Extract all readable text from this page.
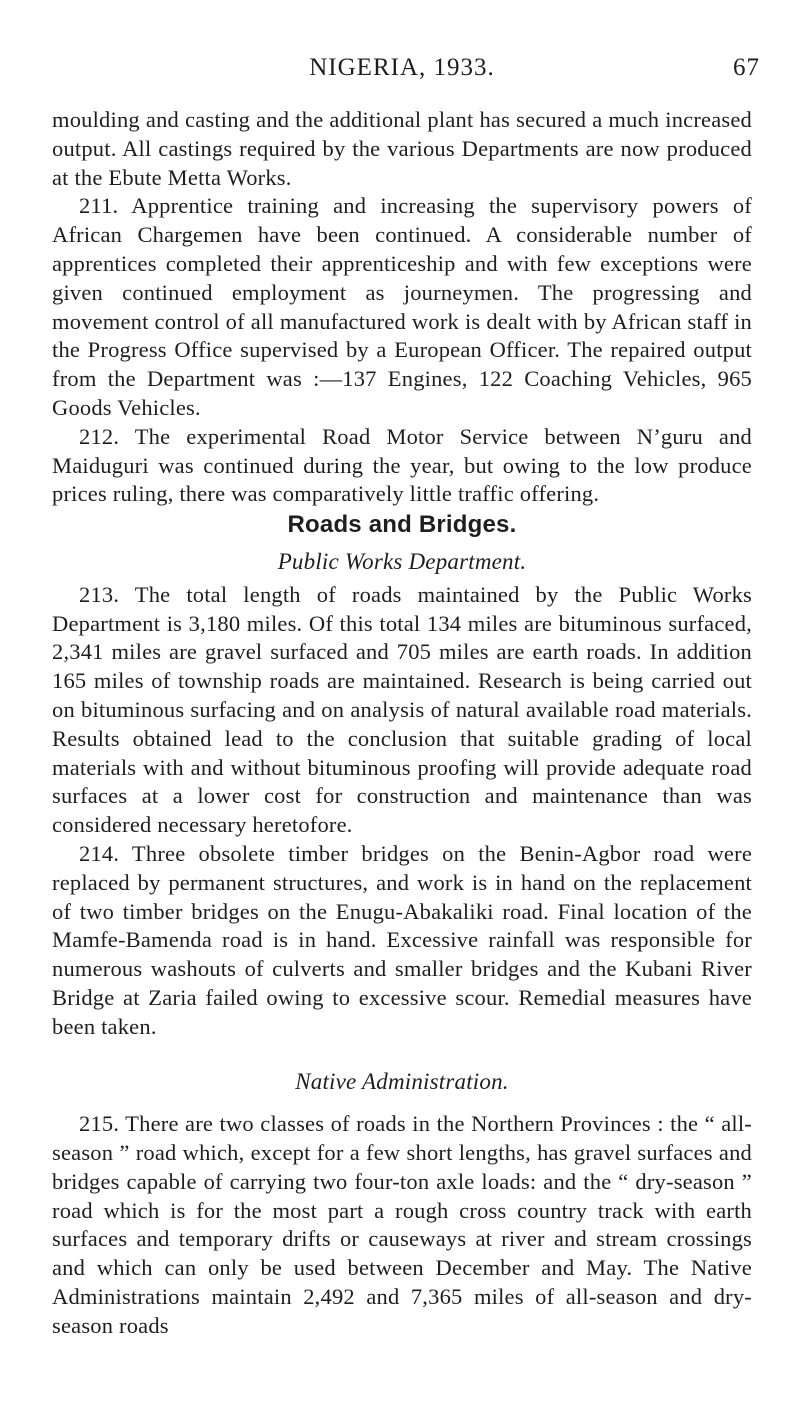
NIGERIA, 1933.	67

moulding and casting and the additional plant has secured a much increased output. All castings required by the various Departments are now produced at the Ebute Metta Works.

211. Apprentice training and increasing the supervisory powers of African Chargemen have been continued. A considerable number of apprentices completed their apprenticeship and with few exceptions were given continued employment as journeymen. The progressing and movement control of all manufactured work is dealt with by African staff in the Progress Office supervised by a European Officer. The repaired output from the Department was :—137 Engines, 122 Coaching Vehicles, 965 Goods Vehicles.

212. The experimental Road Motor Service between N’guru and Maiduguri was continued during the year, but owing to the low produce prices ruling, there was comparatively little traffic offering.

Roads and Bridges.
Public Works Department.

213. The total length of roads maintained by the Public Works Department is 3,180 miles. Of this total 134 miles are bituminous surfaced, 2,341 miles are gravel surfaced and 705 miles are earth roads. In addition 165 miles of township roads are maintained. Research is being carried out on bituminous surfacing and on analysis of natural available road materials. Results obtained lead to the conclusion that suitable grading of local materials with and without bituminous proofing will provide adequate road surfaces at a lower cost for construction and maintenance than was considered necessary heretofore.

214. Three obsolete timber bridges on the Benin-Agbor road were replaced by permanent structures, and work is in hand on the replacement of two timber bridges on the Enugu-Abakaliki road. Final location of the Mamfe-Bamenda road is in hand. Excessive rainfall was responsible for numerous washouts of culverts and smaller bridges and the Kubani River Bridge at Zaria failed owing to excessive scour. Remedial measures have been taken.

Native Administration.

215. There are two classes of roads in the Northern Provinces : the “ all-season ” road which, except for a few short lengths, has gravel surfaces and bridges capable of carrying two four-ton axle loads: and the “ dry-season ” road which is for the most part a rough cross country track with earth surfaces and temporary drifts or causeways at river and stream crossings and which can only be used between December and May. The Native Administrations maintain 2,492 and 7,365 miles of all-season and dry-season roads
